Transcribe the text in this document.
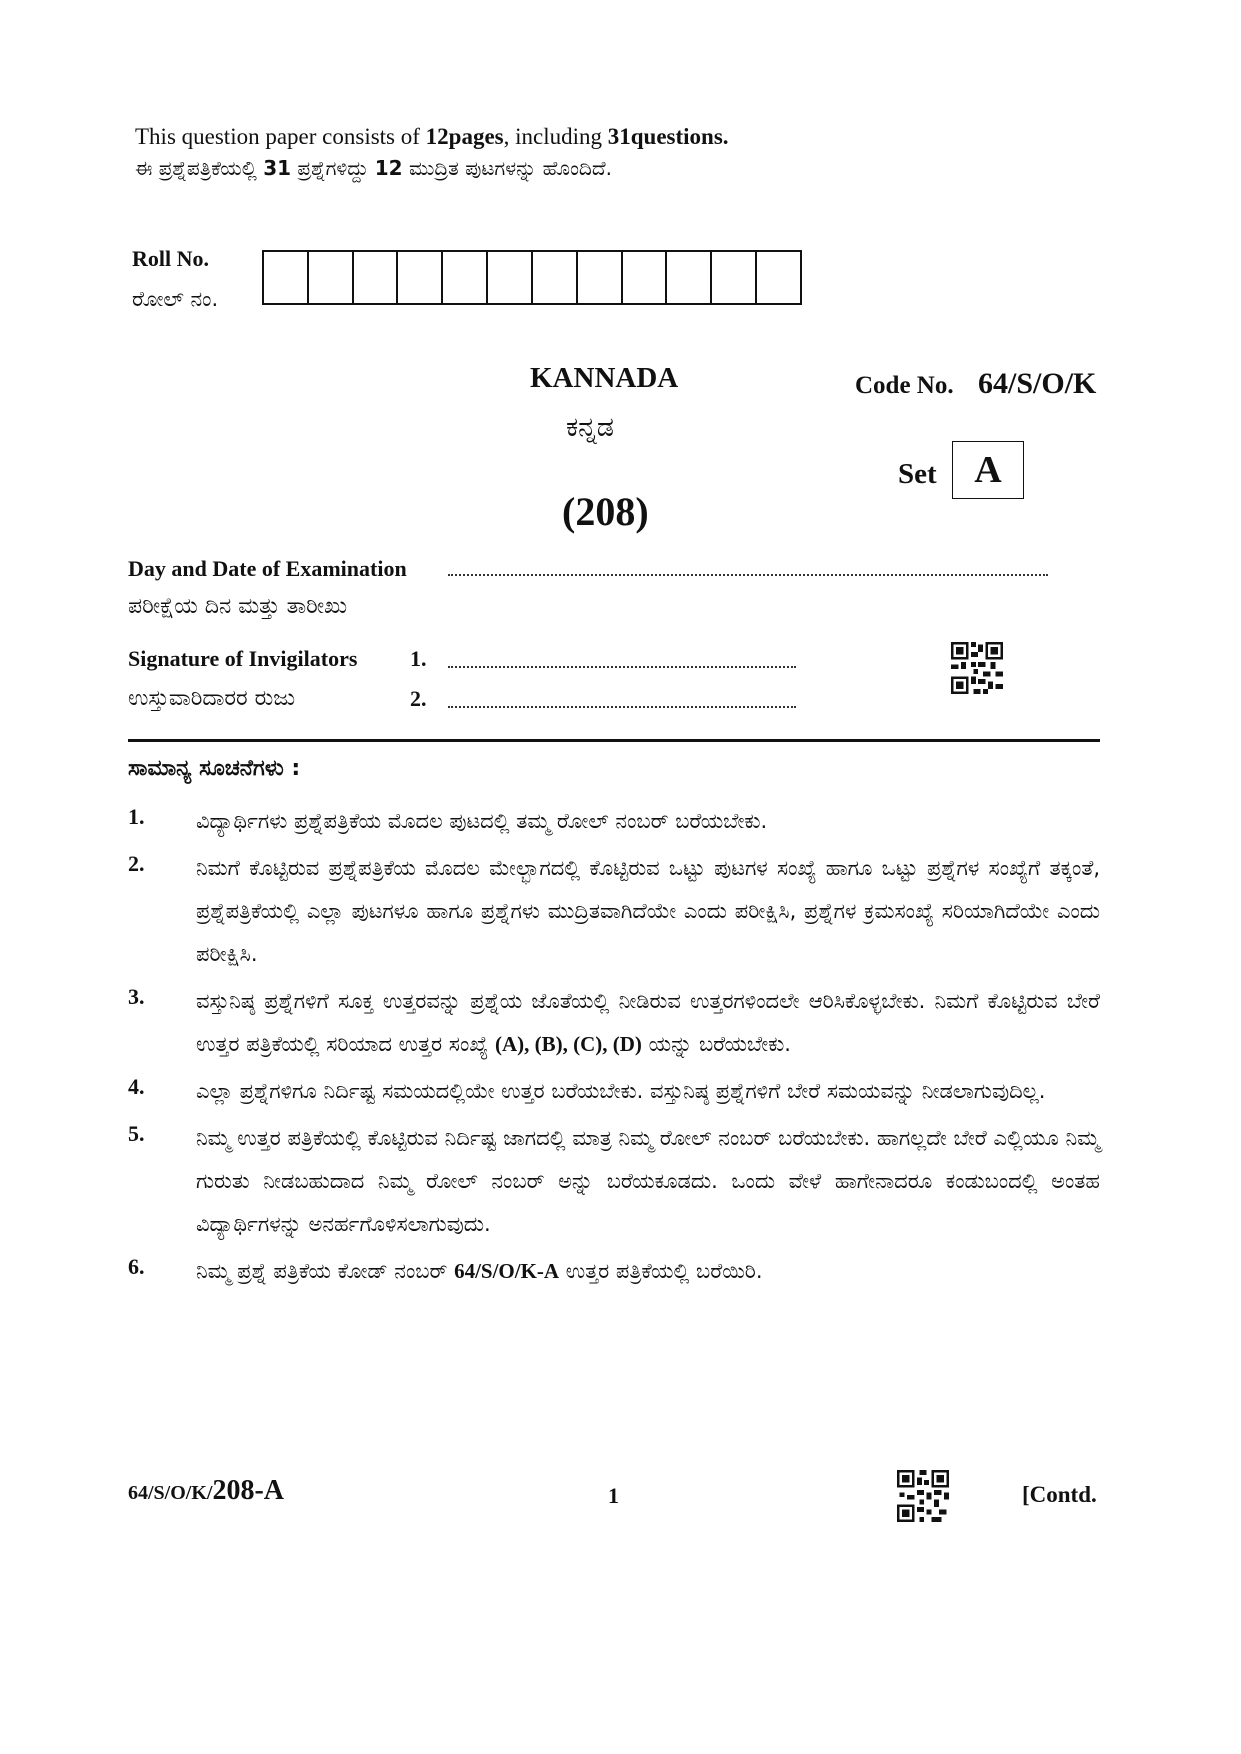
This question paper consists of 12pages, including 31questions.
ಈ ಪ್ರಶ್ನೆಪತ್ರಿಕೆಯಲ್ಲಿ 31 ಪ್ರಶ್ನೆಗಳಿದ್ದು 12 ಮುದ್ರಿತ ಪುಟಗಳನ್ನು ಹೊಂದಿದೆ.
Roll No.
ರೋಲ್ ನಂ.
KANNADA
ಕನ್ನಡ
(208)
Code No. 64/S/O/K
Set A
Day and Date of Examination
ಪರೀಕ್ಷೆಯ ದಿನ ಮತ್ತು ತಾರೀಖು
Signature of Invigilators
ಉಸ್ತುವಾರಿದಾರರ ರುಜು
1.
2.
ಸಾಮಾನ್ಯ ಸೂಚನೆಗಳು :
1. ವಿದ್ಯಾರ್ಥಿಗಳು ಪ್ರಶ್ನೆಪತ್ರಿಕೆಯ ಮೊದಲ ಪುಟದಲ್ಲಿ ತಮ್ಮ ರೋಲ್ ನಂಬರ್ ಬರೆಯಬೇಕು.
2. ನಿಮಗೆ ಕೊಟ್ಟಿರುವ ಪ್ರಶ್ನೆಪತ್ರಿಕೆಯ ಮೊದಲ ಮೇಲ್ಭಾಗದಲ್ಲಿ ಕೊಟ್ಟಿರುವ ಒಟ್ಟು ಪುಟಗಳ ಸಂಖ್ಯೆ ಹಾಗೂ ಒಟ್ಟು ಪ್ರಶ್ನೆಗಳ ಸಂಖ್ಯೆಗೆ ತಕ್ಕಂತೆ, ಪ್ರಶ್ನೆಪತ್ರಿಕೆಯಲ್ಲಿ ಎಲ್ಲಾ ಪುಟಗಳೂ ಹಾಗೂ ಪ್ರಶ್ನೆಗಳು ಮುದ್ರಿತವಾಗಿದೆಯೇ ಎಂದು ಪರೀಕ್ಷಿಸಿ, ಪ್ರಶ್ನೆಗಳ ಕ್ರಮಸಂಖ್ಯೆ ಸರಿಯಾಗಿದೆಯೇ ಎಂದು ಪರೀಕ್ಷಿಸಿ.
3. ವಸ್ತುನಿಷ್ಠ ಪ್ರಶ್ನೆಗಳಿಗೆ ಸೂಕ್ತ ಉತ್ತರವನ್ನು ಪ್ರಶ್ನೆಯ ಜೊತೆಯಲ್ಲಿ ನೀಡಿರುವ ಉತ್ತರಗಳಿಂದಲೇ ಆರಿಸಿಕೊಳ್ಳಬೇಕು. ನಿಮಗೆ ಕೊಟ್ಟಿರುವ ಬೇರೆ ಉತ್ತರ ಪತ್ರಿಕೆಯಲ್ಲಿ ಸರಿಯಾದ ಉತ್ತರ ಸಂಖ್ಯೆ (A), (B), (C), (D) ಯನ್ನು ಬರೆಯಬೇಕು.
4. ಎಲ್ಲಾ ಪ್ರಶ್ನೆಗಳಿಗೂ ನಿರ್ದಿಷ್ಟ ಸಮಯದಲ್ಲಿಯೇ ಉತ್ತರ ಬರೆಯಬೇಕು. ವಸ್ತುನಿಷ್ಠ ಪ್ರಶ್ನೆಗಳಿಗೆ ಬೇರೆ ಸಮಯವನ್ನು ನೀಡಲಾಗುವುದಿಲ್ಲ.
5. ನಿಮ್ಮ ಉತ್ತರ ಪತ್ರಿಕೆಯಲ್ಲಿ ಕೊಟ್ಟಿರುವ ನಿರ್ದಿಷ್ಟ ಜಾಗದಲ್ಲಿ ಮಾತ್ರ ನಿಮ್ಮ ರೋಲ್ ನಂಬರ್ ಬರೆಯಬೇಕು. ಹಾಗಲ್ಲದೇ ಬೇರೆ ಎಲ್ಲಿಯೂ ನಿಮ್ಮ ಗುರುತು ನೀಡಬಹುದಾದ ನಿಮ್ಮ ರೋಲ್ ನಂಬರ್ ಅನ್ನು ಬರೆಯಕೂಡದು. ಒಂದು ವೇಳೆ ಹಾಗೇನಾದರೂ ಕಂಡುಬಂದಲ್ಲಿ ಅಂತಹ ವಿದ್ಯಾರ್ಥಿಗಳನ್ನು ಅನರ್ಹಗೊಳಿಸಲಾಗುವುದು.
6. ನಿಮ್ಮ ಪ್ರಶ್ನೆ ಪತ್ರಿಕೆಯ ಕೋಡ್ ನಂಬರ್ 64/S/O/K-A ಉತ್ತರ ಪತ್ರಿಕೆಯಲ್ಲಿ ಬರೆಯಿರಿ.
64/S/O/K/208-A	1	[Contd.
